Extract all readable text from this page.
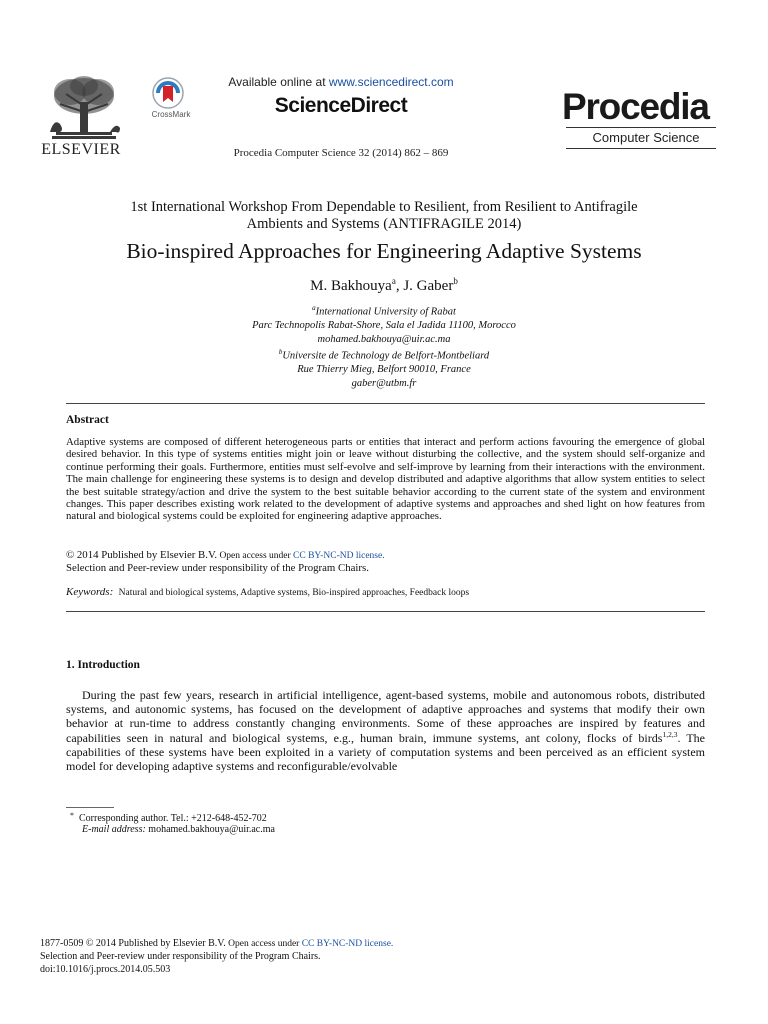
ELSEVIER
CrossMark
Available online at www.sciencedirect.com
ScienceDirect
Procedia Computer Science 32 (2014) 862 – 869
Procedia
Computer Science
1st International Workshop From Dependable to Resilient, from Resilient to Antifragile
Ambients and Systems (ANTIFRAGILE 2014)
Bio-inspired Approaches for Engineering Adaptive Systems
M. Bakhouya$^a$, J. Gaber$^b$
$^a$International University of Rabat
Parc Technopolis Rabat-Shore, Sala el Jadida 11100, Morocco
mohamed.bakhouya@uir.ac.ma
$^b$Universite de Technology de Belfort-Montbeliard
Rue Thierry Mieg, Belfort 90010, France
gaber@utbm.fr
Abstract
Adaptive systems are composed of different heterogeneous parts or entities that interact and perform actions favouring the emergence of global desired behavior. In this type of systems entities might join or leave without disturbing the collective, and the system should self-organize and continue performing their goals. Furthermore, entities must self-evolve and self-improve by learning from their interactions with the environment. The main challenge for engineering these systems is to design and develop distributed and adaptive algorithms that allow system entities to select the best suitable strategy/action and drive the system to the best suitable behavior according to the current state of the system and environment changes. This paper describes existing work related to the development of adaptive systems and approaches and shed light on how features from natural and biological systems could be exploited for engineering adaptive approaches.
© 2014 Published by Elsevier B.V. Open access under CC BY-NC-ND license.
Selection and Peer-review under responsibility of the Program Chairs.
Keywords: Natural and biological systems, Adaptive systems, Bio-inspired approaches, Feedback loops
1. Introduction
During the past few years, research in artificial intelligence, agent-based systems, mobile and autonomous robots, distributed systems, and autonomic systems, has focused on the development of adaptive approaches and systems that modify their own behavior at run-time to address constantly changing environments. Some of these approaches are inspired by features and capabilities seen in natural and biological systems, e.g., human brain, immune systems, ant colony, flocks of birds$^{1,2,3}$. The capabilities of these systems have been exploited in a variety of computation systems and been perceived as an efficient system model for developing adaptive systems and reconfigurable/evolvable
* Corresponding author. Tel.: +212-648-452-702
E-mail address: mohamed.bakhouya@uir.ac.ma
1877-0509 © 2014 Published by Elsevier B.V. Open access under CC BY-NC-ND license.
Selection and Peer-review under responsibility of the Program Chairs.
doi:10.1016/j.procs.2014.05.503
